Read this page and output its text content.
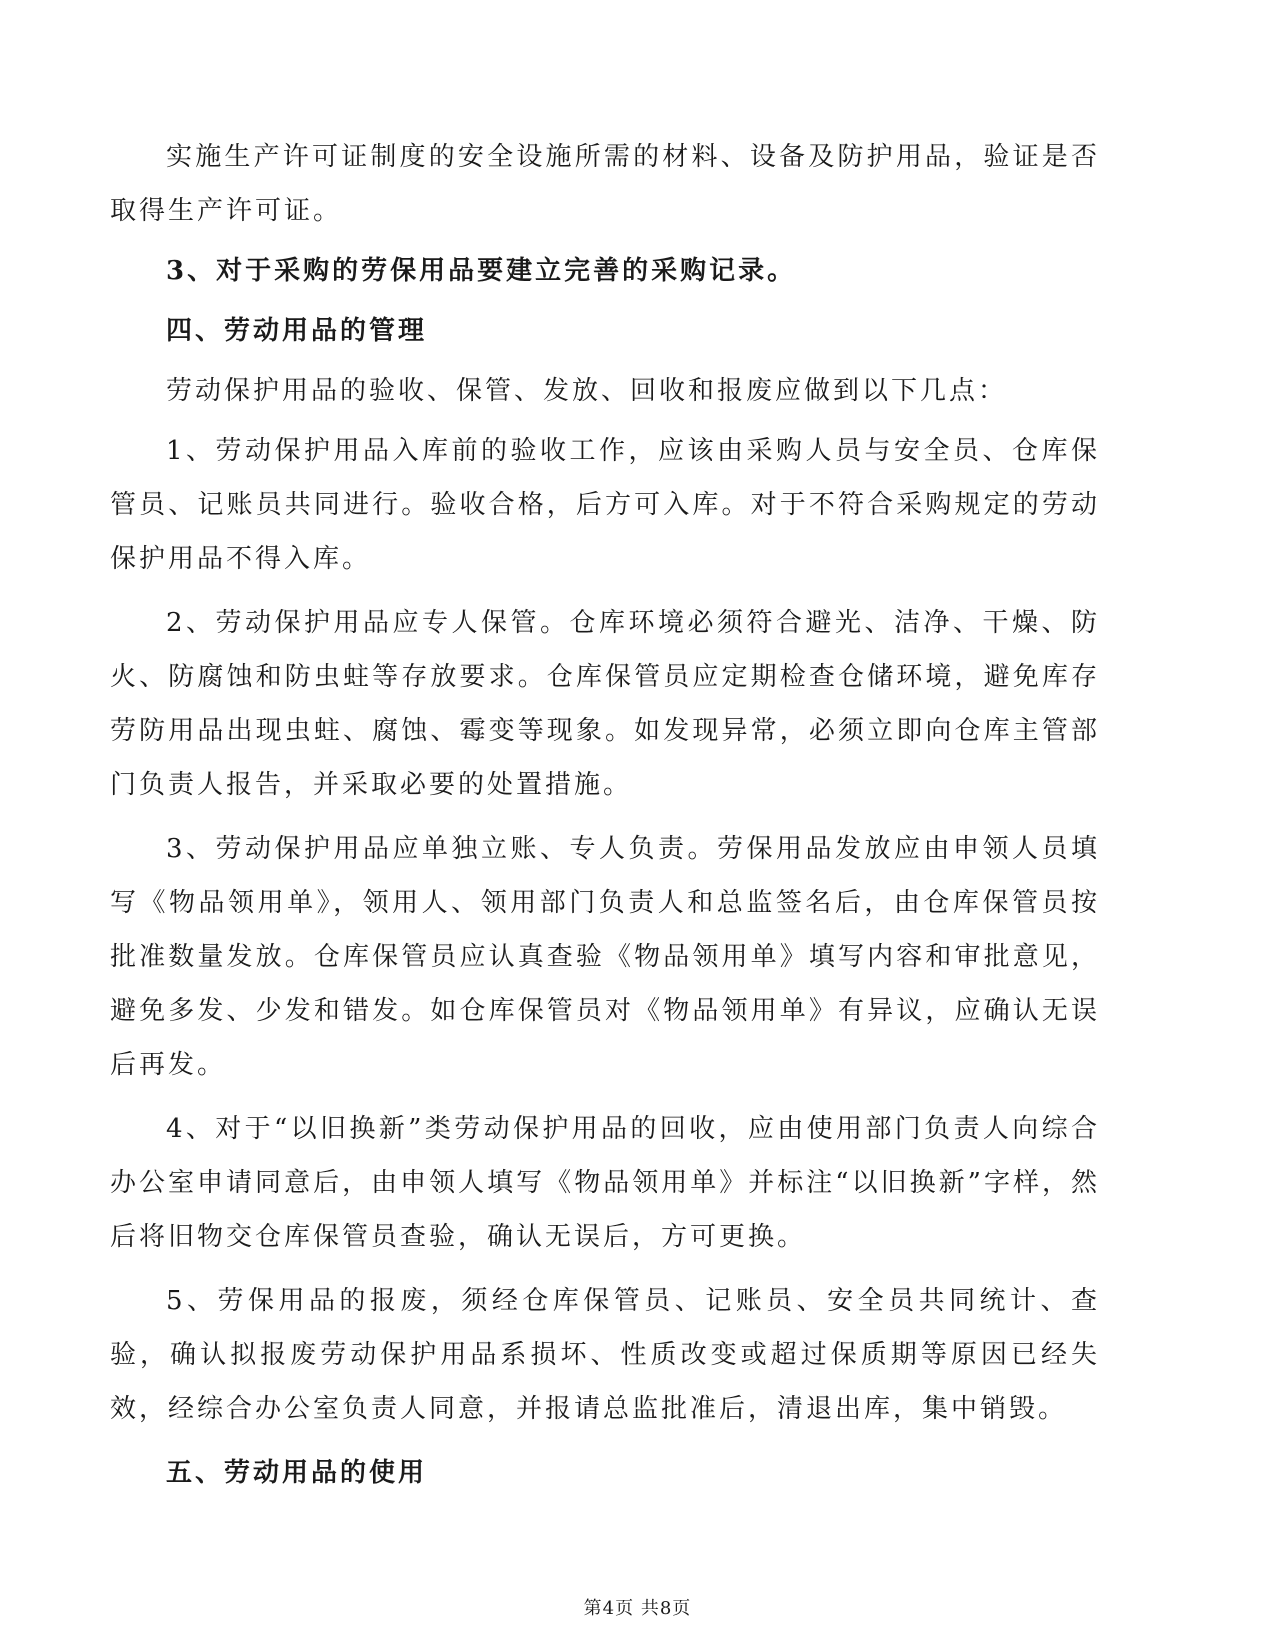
实施生产许可证制度的安全设施所需的材料、设备及防护用品，验证是否取得生产许可证。

3、对于采购的劳保用品要建立完善的采购记录。

四、劳动用品的管理

劳动保护用品的验收、保管、发放、回收和报废应做到以下几点：

1、劳动保护用品入库前的验收工作，应该由采购人员与安全员、仓库保管员、记账员共同进行。验收合格，后方可入库。对于不符合采购规定的劳动保护用品不得入库。

2、劳动保护用品应专人保管。仓库环境必须符合避光、洁净、干燥、防火、防腐蚀和防虫蛀等存放要求。仓库保管员应定期检查仓储环境，避免库存劳防用品出现虫蛀、腐蚀、霉变等现象。如发现异常，必须立即向仓库主管部门负责人报告，并采取必要的处置措施。

3、劳动保护用品应单独立账、专人负责。劳保用品发放应由申领人员填写《物品领用单》，领用人、领用部门负责人和总监签名后，由仓库保管员按批准数量发放。仓库保管员应认真查验《物品领用单》填写内容和审批意见，避免多发、少发和错发。如仓库保管员对《物品领用单》有异议，应确认无误后再发。

4、对于“以旧换新”类劳动保护用品的回收，应由使用部门负责人向综合办公室申请同意后，由申领人填写《物品领用单》并标注“以旧换新”字样，然后将旧物交仓库保管员查验，确认无误后，方可更换。

5、劳保用品的报废，须经仓库保管员、记账员、安全员共同统计、查验，确认拟报废劳动保护用品系损坏、性质改变或超过保质期等原因已经失效，经综合办公室负责人同意，并报请总监批准后，清退出库，集中销毁。

五、劳动用品的使用

第4页 共8页
